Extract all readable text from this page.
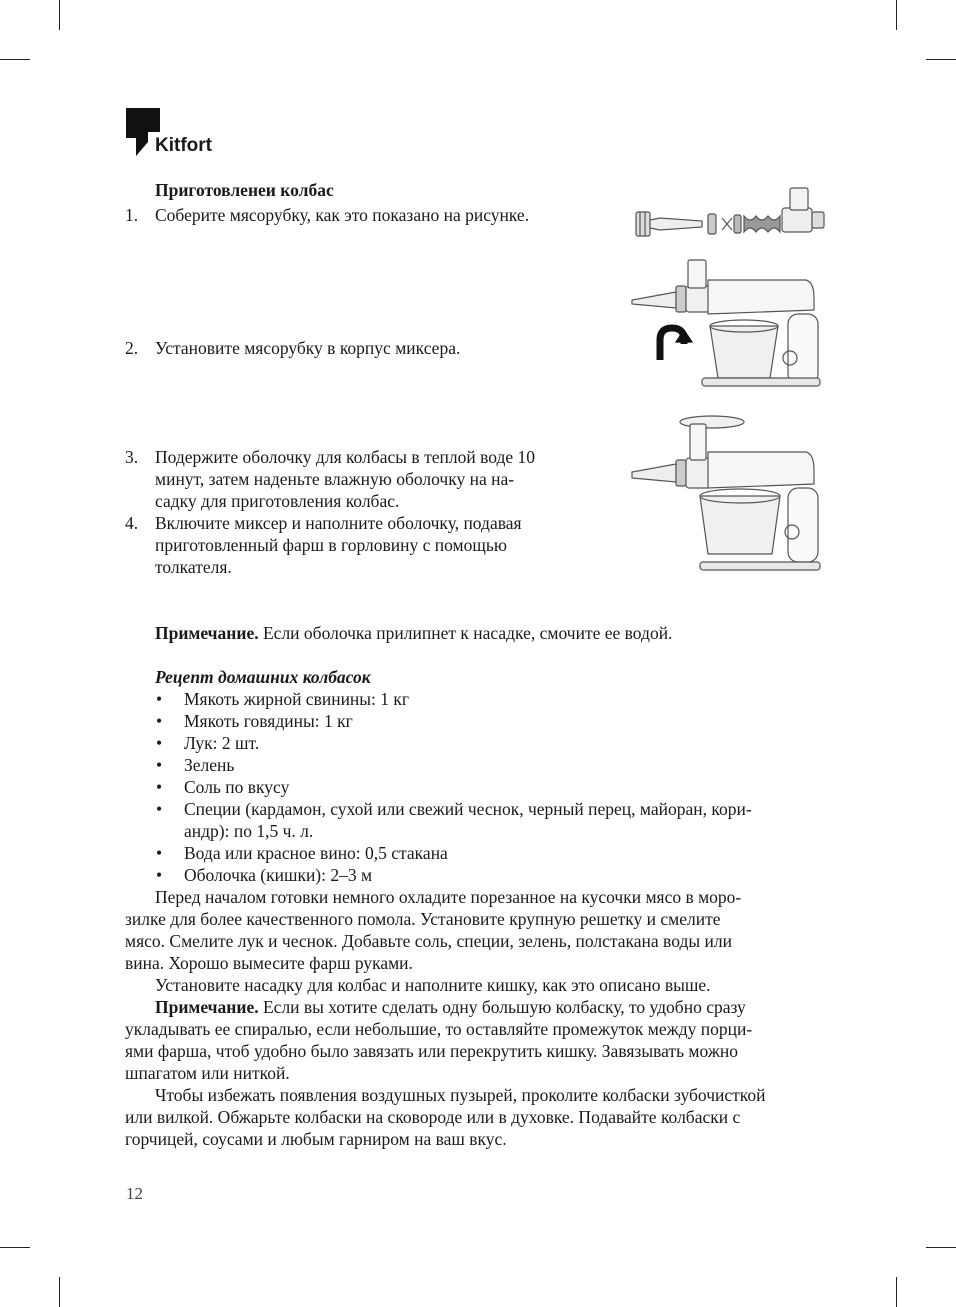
Kitfort
Приготовленеи колбас
1. Соберите мясорубку, как это показано на рисунке.
2. Установите мясорубку в корпус миксера.
3. Подержите оболочку для колбасы в теплой воде 10
минут, затем наденьте влажную оболочку на на-
садку для приготовления колбас.
4. Включите миксер и наполните оболочку, подавая
приготовленный фарш в горловину с помощью
толкателя.
Примечание. Если оболочка прилипнет к насадке, смочите ее водой.
Рецепт домашних колбасок
• Мякоть жирной свинины: 1 кг
• Мякоть говядины: 1 кг
• Лук: 2 шт.
• Зелень
• Соль по вкусу
• Специи (кардамон, сухой или свежий чеснок, черный перец, майоран, кори-
андр): по 1,5 ч. л.
• Вода или красное вино: 0,5 стакана
• Оболочка (кишки): 2–3 м
Перед началом готовки немного охладите порезанное на кусочки мясо в моро-
зилке для более качественного помола. Установите крупную решетку и смелите
мясо. Смелите лук и чеснок. Добавьте соль, специи, зелень, полстакана воды или
вина. Хорошо вымесите фарш руками.
Установите насадку для колбас и наполните кишку, как это описано выше.
Примечание. Если вы хотите сделать одну большую колбаску, то удобно сразу
укладывать ее спиралью, если небольшие, то оставляйте промежуток между порци-
ями фарша, чтоб удобно было завязать или перекрутить кишку. Завязывать можно
шпагатом или ниткой.
Чтобы избежать появления воздушных пузырей, проколите колбаски зубочисткой
или вилкой. Обжарьте колбаски на сковороде или в духовке. Подавайте колбаски с
горчицей, соусами и любым гарниром на ваш вкус.
12
